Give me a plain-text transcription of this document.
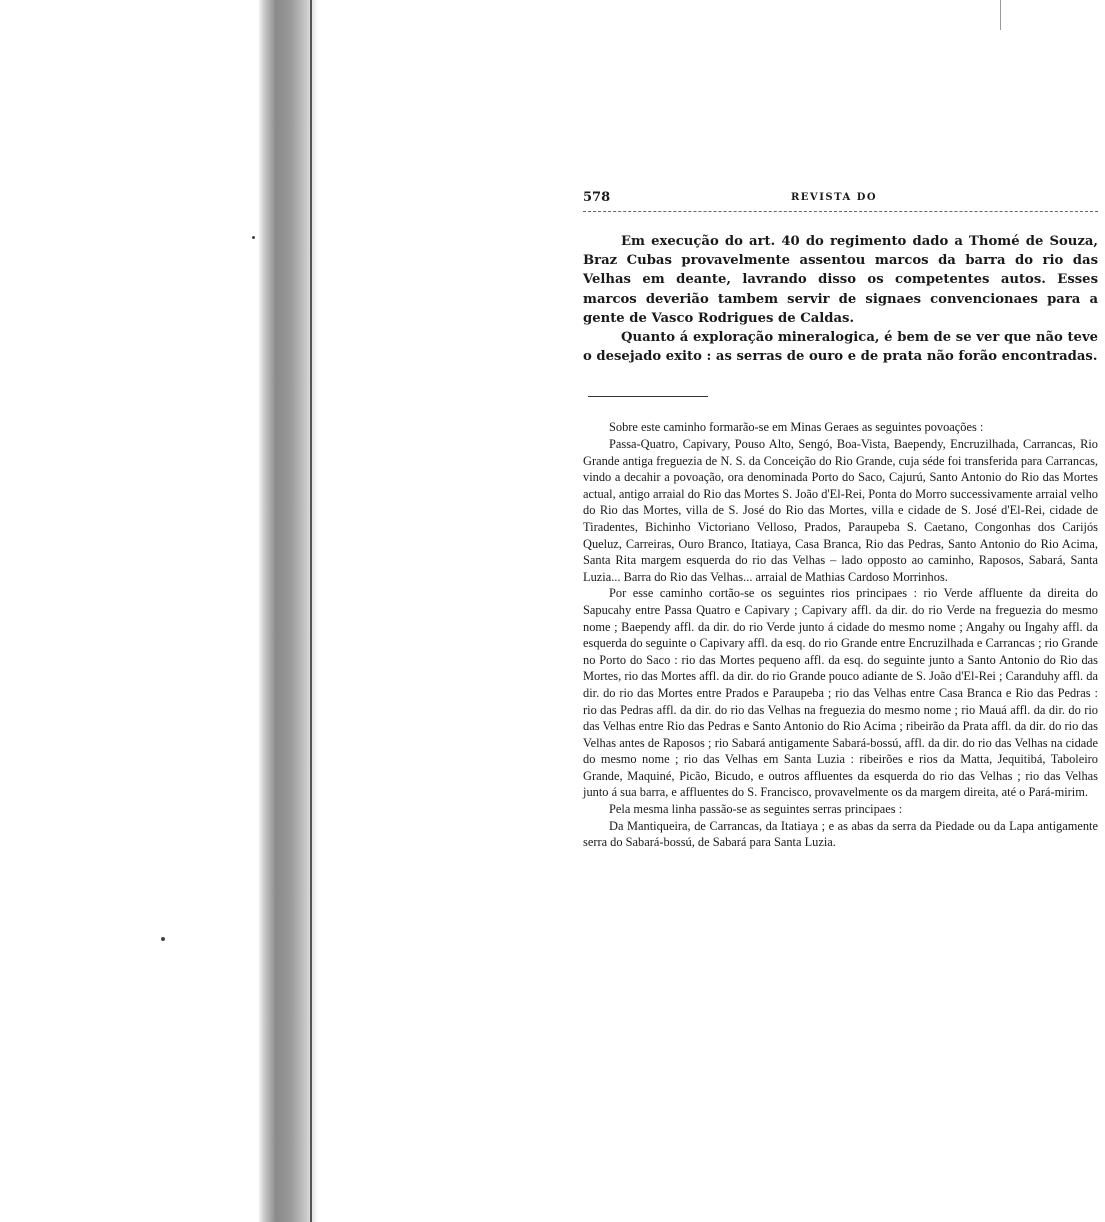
578	REVISTA DO

Em execução do art. 40 do regimento dado a Thomé de Souza, Braz Cubas provavelmente assentou marcos da barra do rio das Velhas em deante, lavrando disso os competentes autos. Esses marcos deverião tambem servir de signaes convencionaes para a gente de Vasco Rodrigues de Caldas.

Quanto á exploração mineralogica, é bem de se ver que não teve o desejado exito : as serras de ouro e de prata não forão encontradas.

Sobre este caminho formarão-se em Minas Geraes as seguintes povoações :

Passa-Quatro, Capivary, Pouso Alto, Sengó, Boa-Vista, Baependy, Encruzilhada, Carrancas, Rio Grande antiga freguezia de N. S. da Conceição do Rio Grande, cuja séde foi transferida para Carrancas, vindo a decahir a povoação, ora denominada Porto do Saco, Cajurú, Santo Antonio do Rio das Mortes actual, antigo arraial do Rio das Mortes S. João d'El-Rei, Ponta do Morro successivamente arraial velho do Rio das Mortes, villa de S. José do Rio das Mortes, villa e cidade de S. José d'El-Rei, cidade de Tiradentes, Bichinho Victoriano Velloso, Prados, Paraupeba S. Caetano, Congonhas dos Carijós Queluz, Carreiras, Ouro Branco, Itatiaya, Casa Branca, Rio das Pedras, Santo Antonio do Rio Acima, Santa Rita margem esquerda do rio das Velhas – lado opposto ao caminho, Raposos, Sabará, Santa Luzia... Barra do Rio das Velhas... arraial de Mathias Cardoso Morrinhos.

Por esse caminho cortão-se os seguintes rios principaes : rio Verde affluente da direita do Sapucahy entre Passa Quatro e Capivary ; Capivary affl. da dir. do rio Verde na freguezia do mesmo nome ; Baependy affl. da dir. do rio Verde junto á cidade do mesmo nome ; Angahy ou Ingahy affl. da esquerda do seguinte o Capivary affl. da esq. do rio Grande entre Encruzilhada e Carrancas ; rio Grande no Porto do Saco : rio das Mortes pequeno affl. da esq. do seguinte junto a Santo Antonio do Rio das Mortes, rio das Mortes affl. da dir. do rio Grande pouco adiante de S. João d'El-Rei ; Caranduhy affl. da dir. do rio das Mortes entre Prados e Paraupeba ; rio das Velhas entre Casa Branca e Rio das Pedras : rio das Pedras affl. da dir. do rio das Velhas na freguezia do mesmo nome ; rio Mauá affl. da dir. do rio das Velhas entre Rio das Pedras e Santo Antonio do Rio Acima ; ribeirão da Prata affl. da dir. do rio das Velhas antes de Raposos ; rio Sabará antigamente Sabará-bossú, affl. da dir. do rio das Velhas na cidade do mesmo nome ; rio das Velhas em Santa Luzia : ribeirões e rios da Matta, Jequitibá, Taboleiro Grande, Maquiné, Picão, Bicudo, e outros affluentes da esquerda do rio das Velhas ; rio das Velhas junto á sua barra, e affluentes do S. Francisco, provavelmente os da margem direita, até o Pará-mirim.

Pela mesma linha passão-se as seguintes serras principaes :

Da Mantiqueira, de Carrancas, da Itatiaya ; e as abas da serra da Piedade ou da Lapa antigamente serra do Sabará-bossú, de Sabará para Santa Luzia.
